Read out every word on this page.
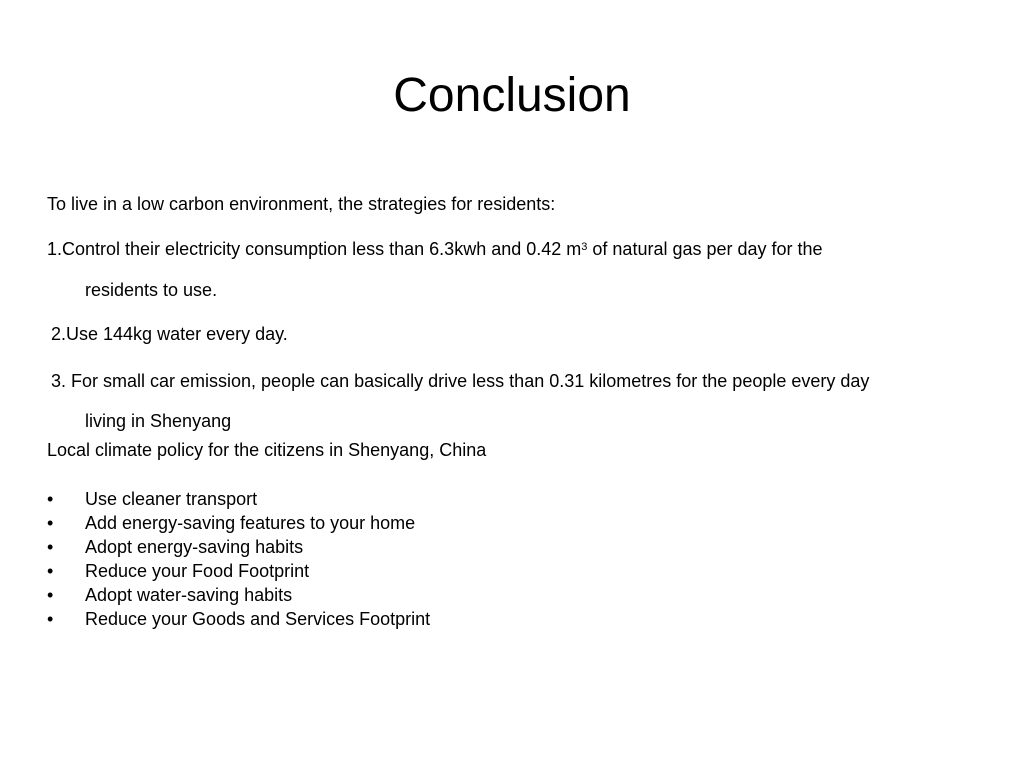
Conclusion

To live in a low carbon environment, the strategies for residents:

1.Control their electricity consumption less than 6.3kwh and 0.42 $m^3$ of natural gas per day for the

residents to use.

2.Use 144kg water every day.

3. For small car emission, people can basically drive less than 0.31 kilometres for the people every day

living in Shenyang

Local climate policy for the citizens in Shenyang, China

• Use cleaner transport
• Add energy-saving features to your home
• Adopt energy-saving habits
• Reduce your Food Footprint
• Adopt water-saving habits
• Reduce your Goods and Services Footprint
